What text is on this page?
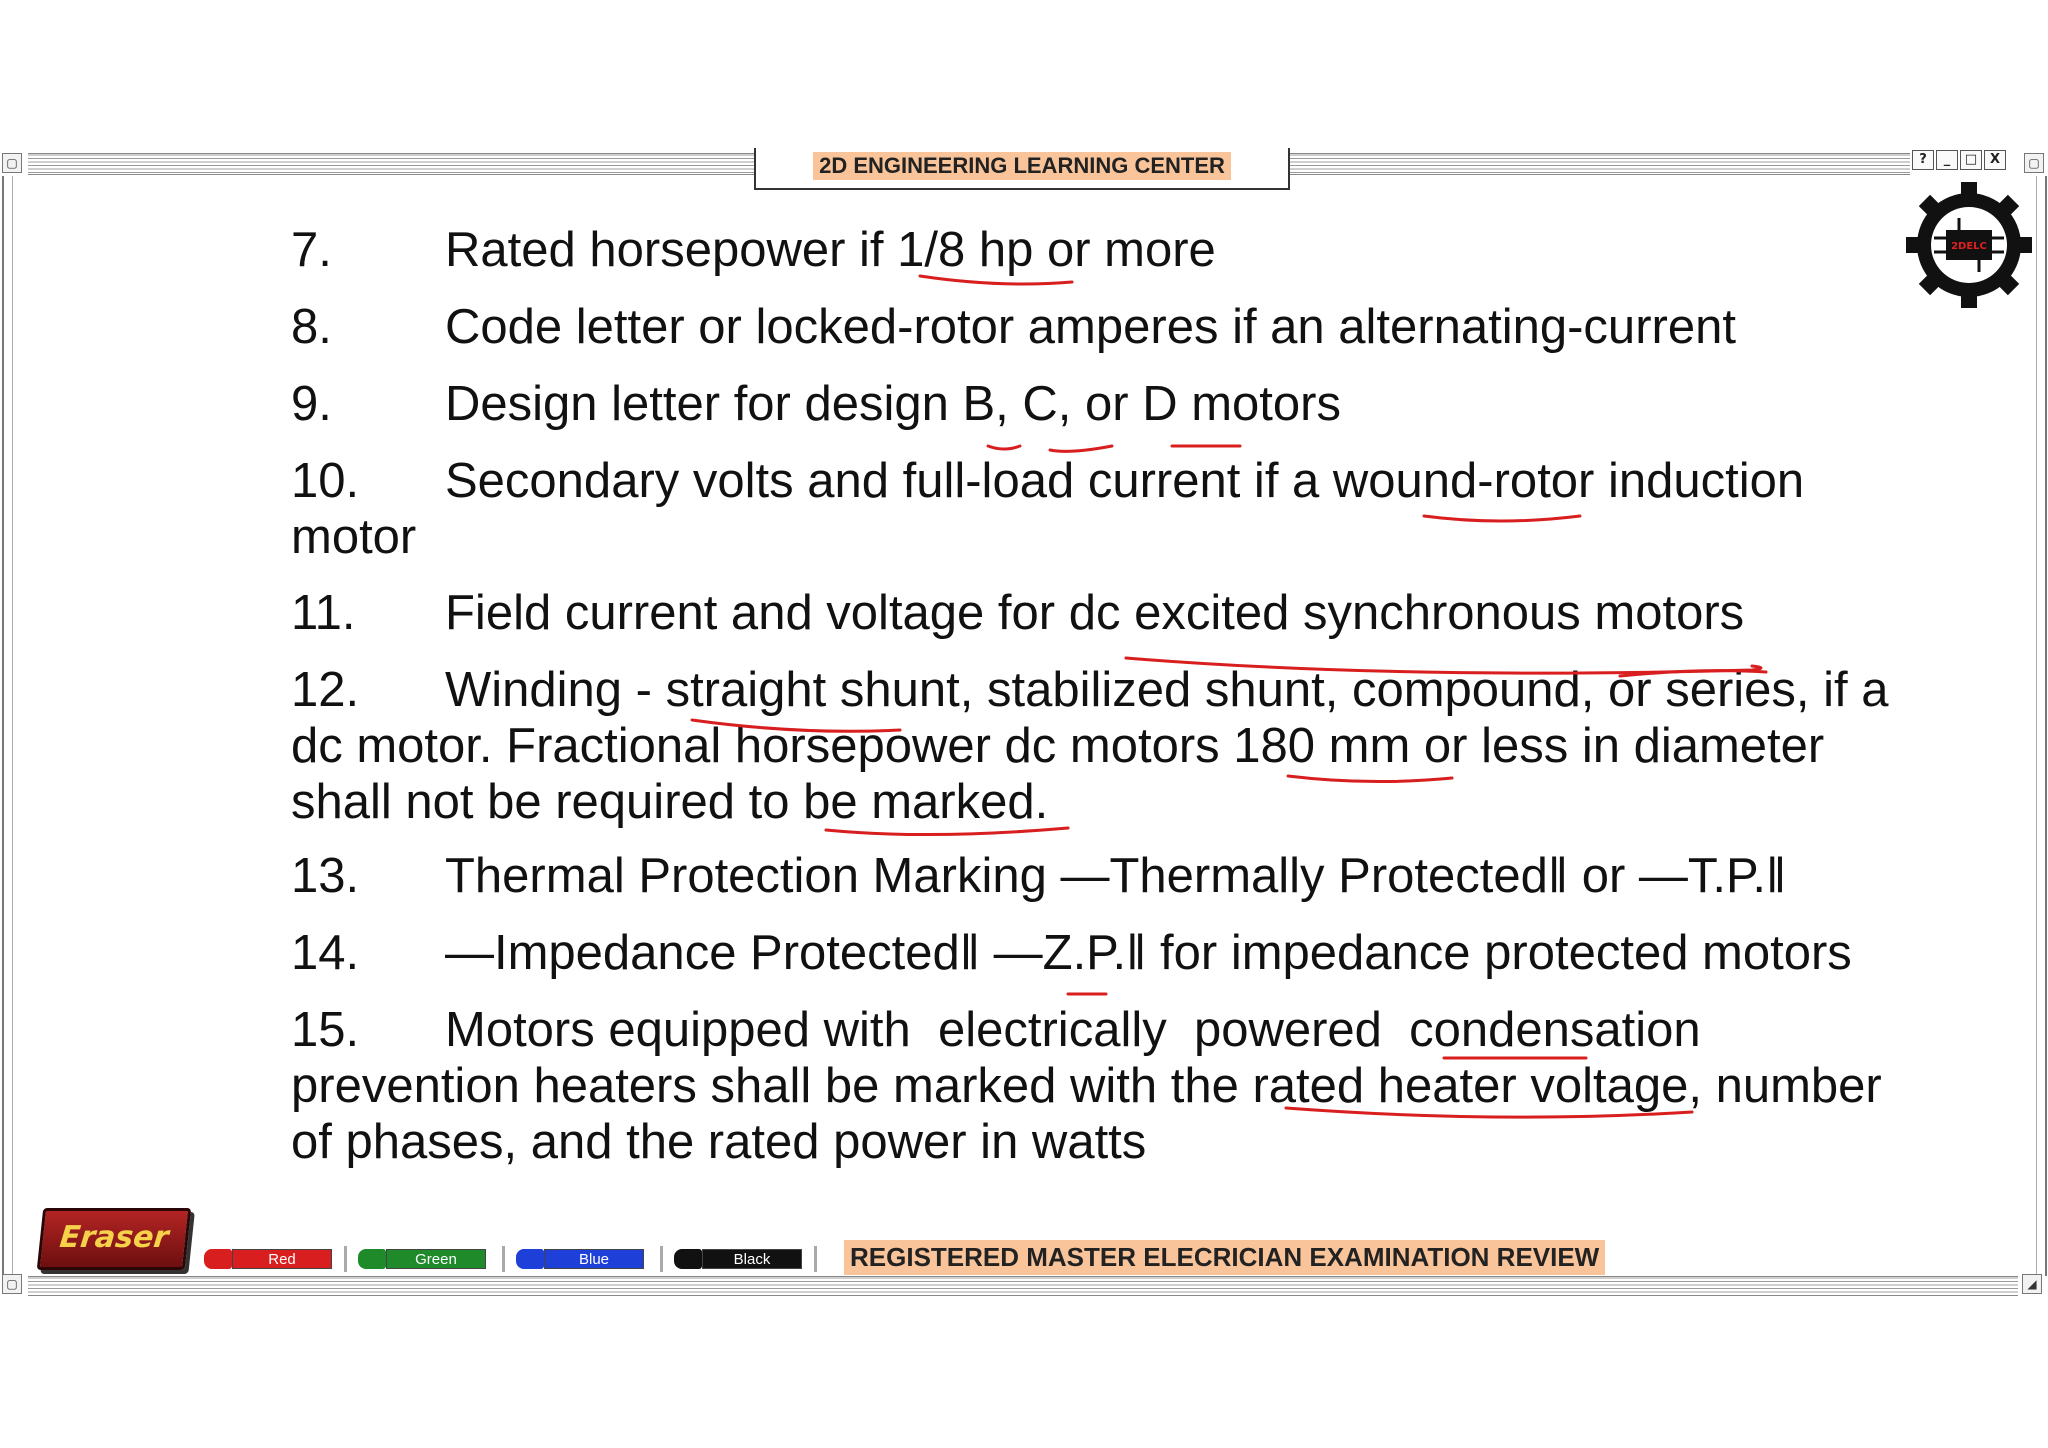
▢	▢
2D ENGINEERING LEARNING CENTER	?	_	□ X
▢	◢
2DELC
7. Rated horsepower if 1/8 hp or more
8. Code letter or locked-rotor amperes if an alternating-current
9. Design letter for design B, C, or D motors
10. Secondary volts and full-load current if a wound-rotor induction
motor
11. Field current and voltage for dc excited synchronous motors
12. Winding - straight shunt, stabilized shunt, compound, or series, if a
dc motor. Fractional horsepower dc motors 180 mm or less in diameter
shall not be required to be marked.
13. Thermal Protection Marking —Thermally Protected‖ or —T.P.‖
14. —Impedance Protected‖ —Z.P.‖ for impedance protected motors
15. Motors equipped with  electrically  powered  condensation
prevention heaters shall be marked with the rated heater voltage, number
of phases, and the rated power in watts
Eraser
Red	Green	Blue	Black	REGISTERED MASTER ELECRICIAN EXAMINATION REVIEW
